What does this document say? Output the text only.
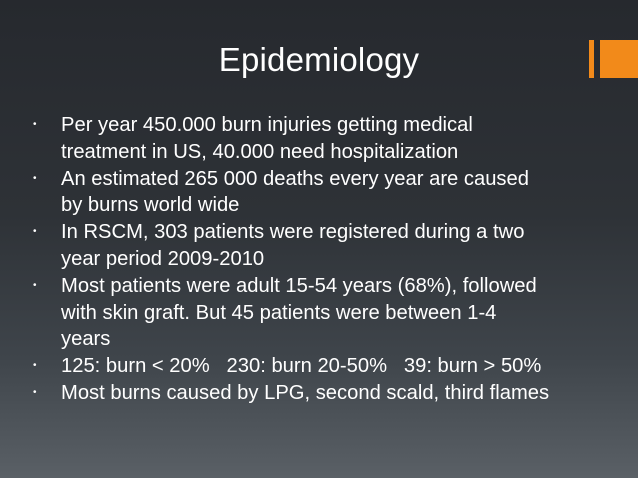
Epidemiology
• Per year 450.000 burn injuries getting medical
treatment in US, 40.000 need hospitalization
• An estimated 265 000 deaths every year are caused
by burns world wide
• In RSCM, 303 patients were registered during a two
year period 2009-2010
• Most patients were adult 15-54 years (68%), followed
with skin graft. But 45 patients were between 1-4
years
• 125: burn < 20%   230: burn 20-50%   39: burn > 50%
• Most burns caused by LPG, second scald, third flames
